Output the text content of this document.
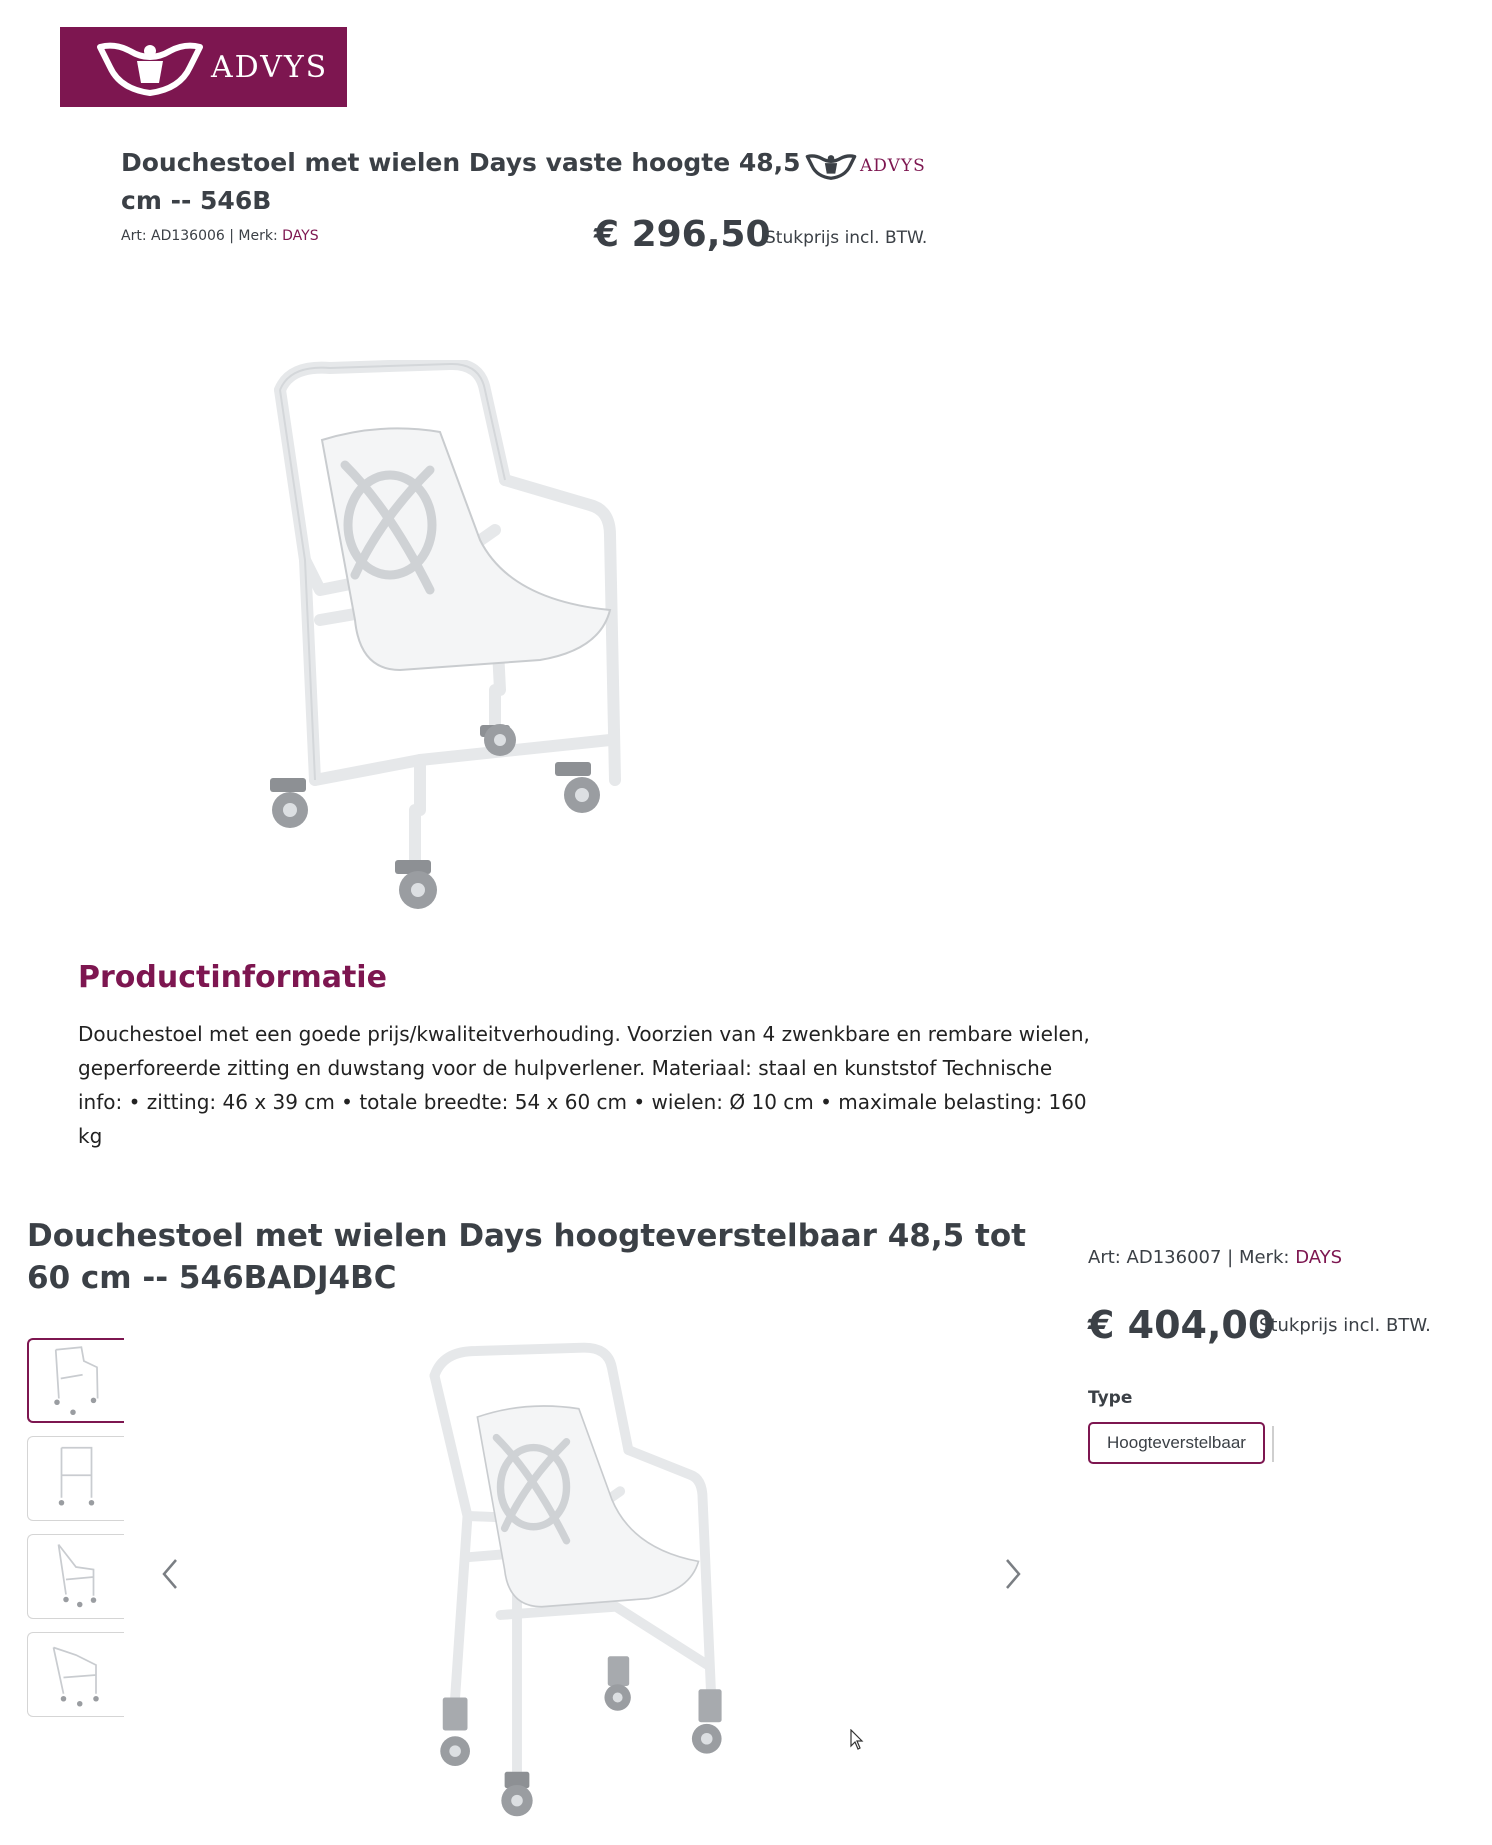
ADVYS
Douchestoel met wielen Days vaste hoogte 48,5 cm -- 546B
ADVYS
Art: AD136006 | Merk: DAYS	€ 296,50
Stukprijs incl. BTW.
Productinformatie

Douchestoel met een goede prijs/kwaliteitverhouding. Voorzien van 4 zwenkbare en rembare wielen, geperforeerde zitting en duwstang voor de hulpverlener. Materiaal: staal en kunststof Technische info: • zitting: 46 x 39 cm • totale breedte: 54 x 60 cm • wielen: Ø 10 cm • maximale belasting: 160 kg

Douchestoel met wielen Days hoogteverstelbaar 48,5 tot 60 cm -- 546BADJ4BC
Art: AD136007 | Merk: DAYS
€ 404,00
Stukprijs incl. BTW.
Type
Hoogteverstelbaar
